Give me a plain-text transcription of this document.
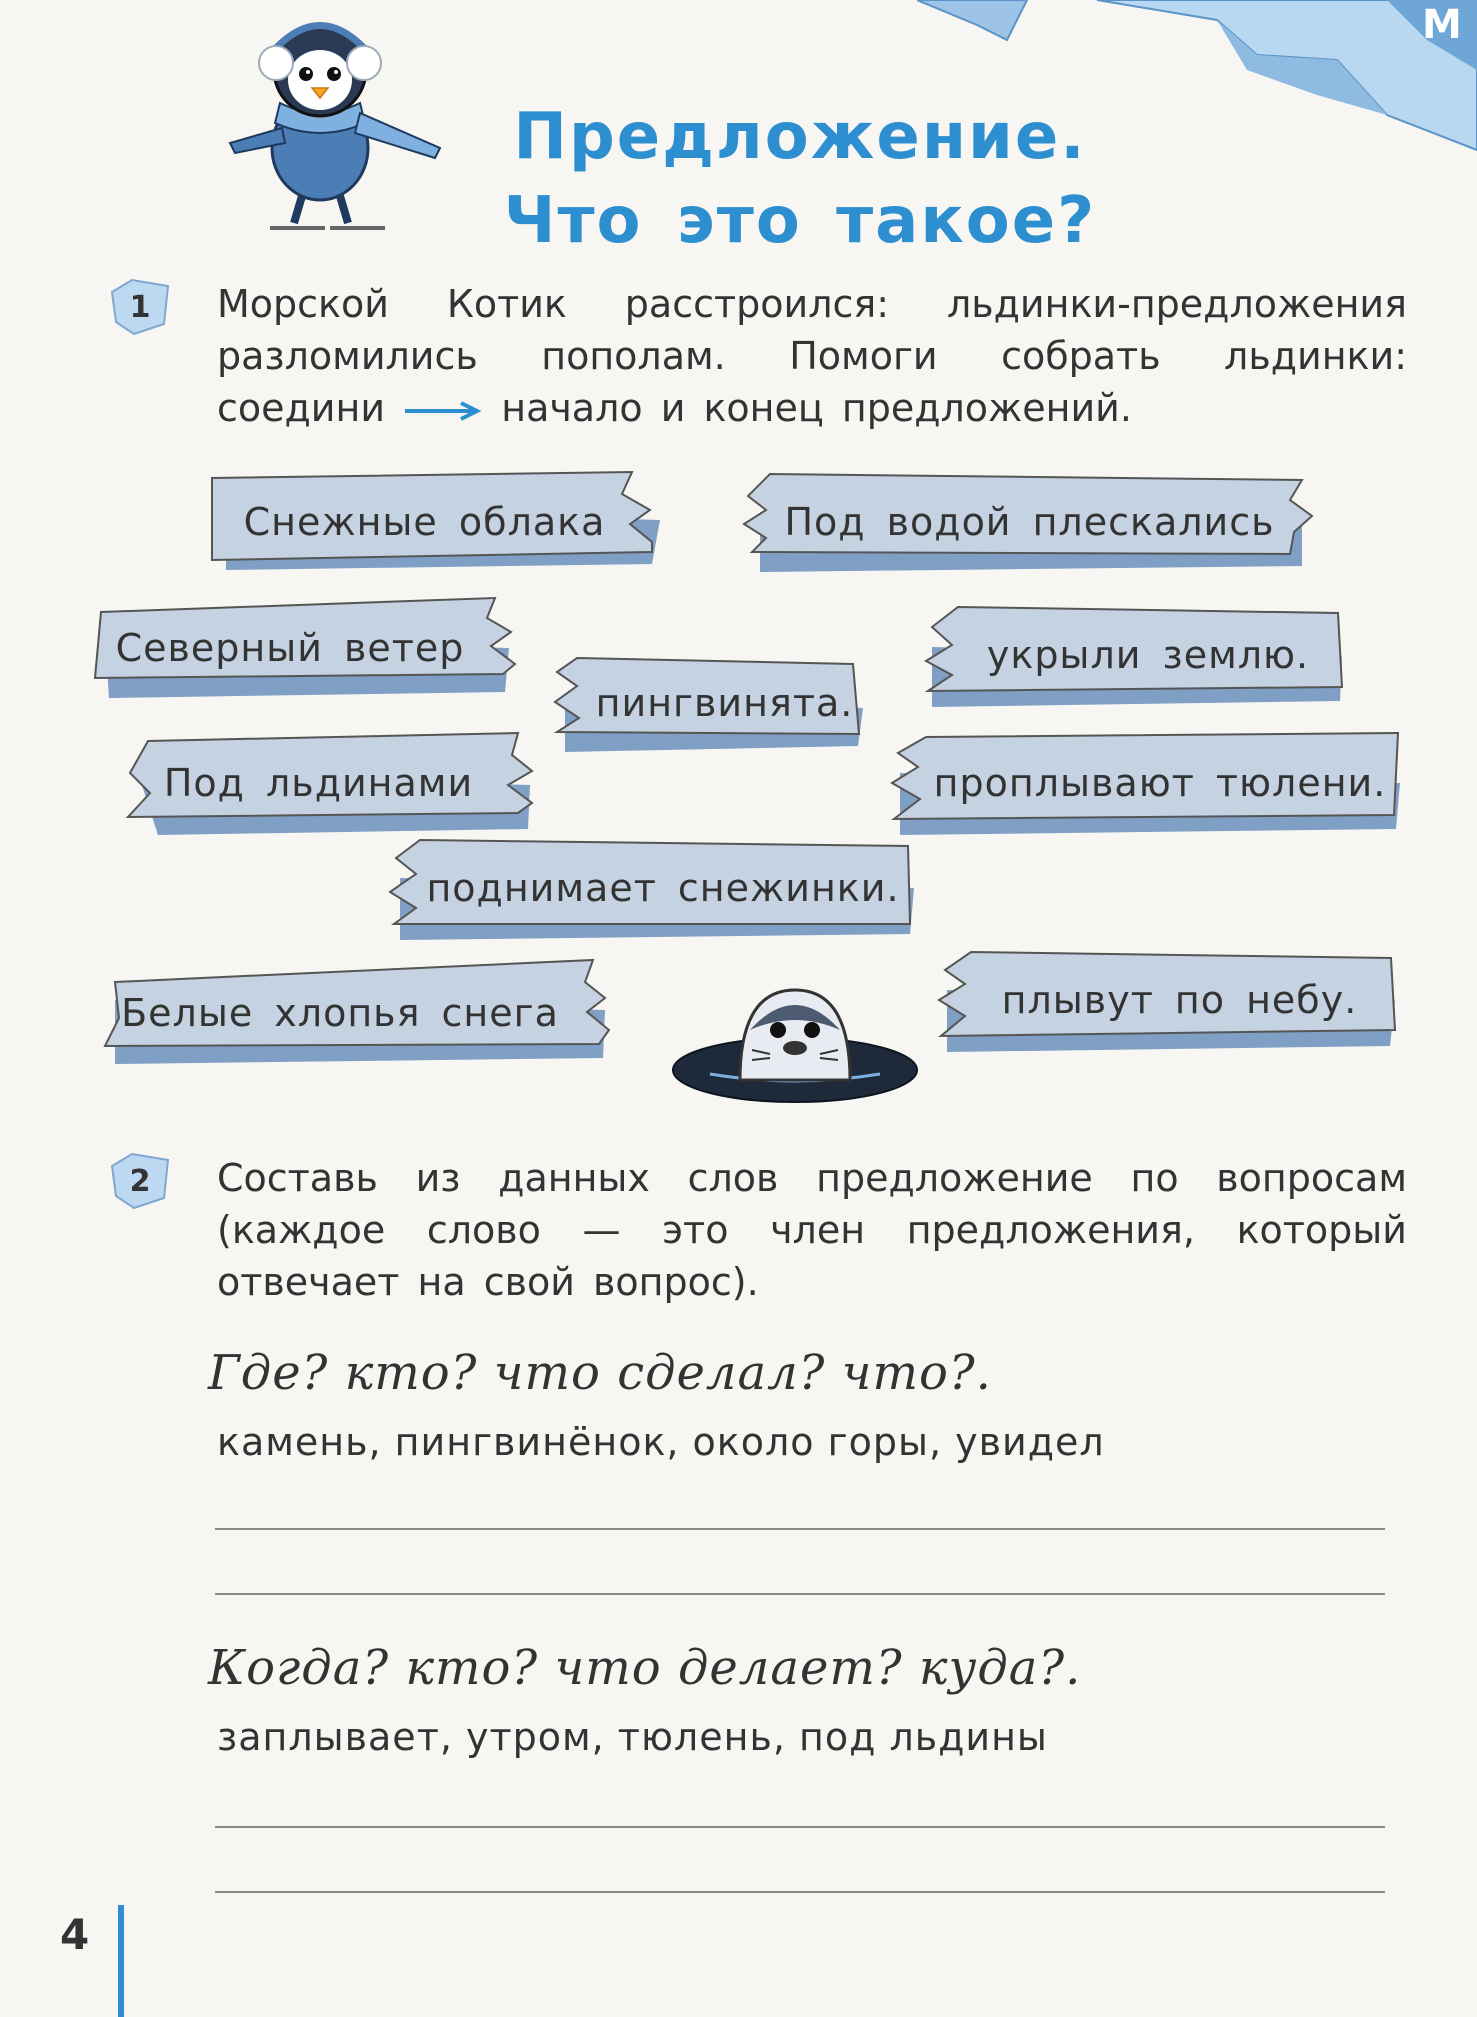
М
Предложение.
Что это такое?
1 Морской Котик расстроился: льдинки-предложения
разломились пополам. Помоги собрать льдинки:
соедини	начало и конец предложений.
Снежные облака	Под водой плескались
Северный ветер	укрыли землю.
пингвинята.
Под льдинами	проплывают тюлени.
поднимает снежинки.
Белые хлопья снега	плывут по небу.
2 Составь из данных слов предложение по вопросам
(каждое слово — это член предложения, который
отвечает на свой вопрос).
Где? кто? что сделал? что?.
камень, пингвинёнок, около горы, увидел
Когда? кто? что делает? куда?.
заплывает, утром, тюлень, под льдины
4
